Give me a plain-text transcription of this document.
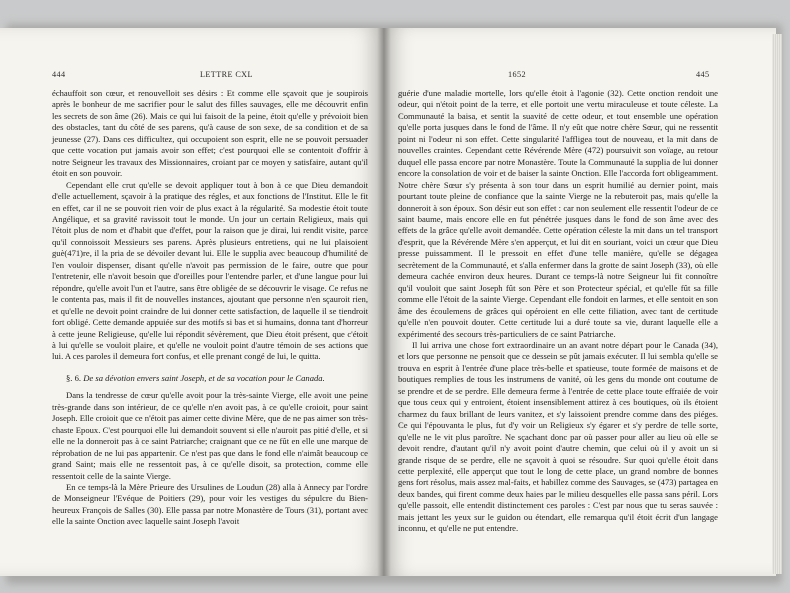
444	LETTRE CXL

échauffoit son cœur, et renouvelloit ses désirs : Et comme elle sçavoit que je soupirois après le bonheur de me sacrifier pour le salut des filles sauvages, elle me découvrit enfin les secrets de son âme (26). Mais ce qui lui faisoit de la peine, étoit qu'elle y prévoioit bien des obstacles, tant du côté de ses parens, qu'à cause de son sexe, de sa condition et de sa jeunesse (27). Dans ces difficultez, qui occupoient son esprit, elle ne se pouvoit persuader que cette vocation put jamais avoir son effet; c'est pourquoi elle se contentoit d'offrir à notre Seigneur les travaux des Missionnaires, croiant par ce moyen y satisfaire, autant qu'il étoit en son pouvoir.

Cependant elle crut qu'elle se devoit appliquer tout à bon à ce que Dieu demandoit d'elle actuellement, sçavoir à la pratique des régles, et aux fonctions de l'Institut. Elle le fit en effet, car il ne se pouvoit rien voir de plus exact à la régularité. Sa modestie étoit toute Angélique, et sa gravité ravissoit tout le monde. Un jour un certain Religieux, mais qui l'étoit plus de nom et d'habit que d'effet, pour la raison que je dirai, lui rendit visite, parce qu'il connoissoit Messieurs ses parens. Après plusieurs entretiens, qui ne lui plaisoient guè(471)re, il la pria de se dévoiler devant lui. Elle le supplia avec beaucoup d'humilité de l'en vouloir dispenser, disant qu'elle n'avoit pas permission de le faire, outre que pour l'entretenir, elle n'avoit besoin que d'oreilles pour l'entendre parler, et d'une langue pour lui répondre, qu'elle avoit l'un et l'autre, sans être obligée de se découvrir le visage. Ce refus ne le contenta pas, mais il fit de nouvelles instances, ajoutant que personne n'en sçauroit rien, et qu'elle ne devoit point craindre de lui donner cette satisfaction, de laquelle il se tiendroit fort obligé. Cette demande appuiée sur des motifs si bas et si humains, donna tant d'horreur à cette jeune Religieuse, qu'elle lui répondit sévèrement, que Dieu étoit présent, que c'étoit à lui qu'elle se vouloit plaire, et qu'elle ne vouloit point d'autre témoin de ses actions que lui. A ces paroles il demeura fort confus, et elle prenant congé de lui, le quitta.

§. 6. De sa dévotion envers saint Joseph, et de sa vocation pour le Canada.

Dans la tendresse de cœur qu'elle avoit pour la très-sainte Vierge, elle avoit une peine très-grande dans son intérieur, de ce qu'elle n'en avoit pas, à ce qu'elle croioit, pour saint Joseph. Elle croioit que ce n'étoit pas aimer cette divine Mère, que de ne pas aimer son très-chaste Epoux. C'est pourquoi elle lui demandoit souvent si elle n'auroit pas pitié d'elle, et si elle ne la donneroit pas à ce saint Patriarche; craignant que ce ne fût en elle une marque de réprobation de ne lui pas appartenir. Ce n'est pas que dans le fond elle n'aimât beaucoup ce grand Saint; mais elle ne ressentoit pas, à ce qu'elle disoit, sa protection, comme elle ressentoit celle de la sainte Vierge.

En ce temps-là la Mère Prieure des Ursulines de Loudun (28) alla à Annecy par l'ordre de Monseigneur l'Evéque de Poitiers (29), pour voir les vestiges du sépulcre du Bien-heureux François de Salles (30). Elle passa par notre Monastère de Tours (31), portant avec elle la sainte Onction avec laquelle saint Joseph l'avoit

1652	445

guérie d'une maladie mortelle, lors qu'elle étoit à l'agonie (32). Cette onction rendoit une odeur, qui n'étoit point de la terre, et elle portoit une vertu miraculeuse et toute céleste. La Communauté la baisa, et sentit la suavité de cette odeur, et tout ensemble une opération qu'elle porta jusques dans le fond de l'âme. Il n'y eût que notre chère Sœur, qui ne ressentit point ni l'odeur ni son effet. Cette singularité l'affligea tout de nouveau, et la mit dans de nouvelles craintes. Cependant cette Révérende Mère (472) poursuivit son voïage, au retour duquel elle passa encore par notre Monastère. Toute la Communauté la supplia de lui donner encore la consolation de voir et de baiser la sainte Onction. Elle l'accorda fort obligeamment. Notre chère Sœur s'y présenta à son tour dans un esprit humilié au dernier point, mais pourtant toute pleine de confiance que la sainte Vierge ne la rebuteroit pas, mais qu'elle la donneroit à son époux. Son désir eut son effet : car non seulement elle ressentit l'odeur de ce saint baume, mais encore elle en fut pénétrée jusques dans le fond de son âme avec des effets de la grâce qu'elle avoit demandée. Cette opération céleste la mit dans un tel transport d'esprit, que la Révérende Mère s'en apperçut, et lui dit en souriant, voici un cœur que Dieu presse puissamment. Il le pressoit en effet d'une telle manière, qu'elle se dégagea secrètement de la Communauté, et s'alla enfermer dans la grotte de saint Joseph (33), où elle demeura cachée environ deux heures. Durant ce temps-là notre Seigneur lui fit connoître qu'il vouloit que saint Joseph fût son Père et son Protecteur spécial, et qu'elle fût sa fille comme elle l'étoit de la sainte Vierge. Cependant elle fondoit en larmes, et elle sentoit en son âme des écoulemens de grâces qui opéroient en elle cette filiation, avec tant de certitude qu'elle n'en pouvoit douter. Cette certitude lui a duré toute sa vie, durant laquelle elle a expérimenté des secours très-particuliers de ce saint Patriarche.

Il lui arriva une chose fort extraordinaire un an avant notre départ pour le Canada (34), et lors que personne ne pensoit que ce dessein se pût jamais exécuter. Il lui sembla qu'elle se trouva en esprit à l'entrée d'une place très-belle et spatieuse, toute formée de maisons et de boutiques remplies de tous les instrumens de vanité, où les gens du monde ont coutume de se prendre et de se perdre. Elle demeura ferme à l'entrée de cette place toute effraiée de voir que tous ceux qui y entroient, étoient insensiblement attirez à ces boutiques, où ils étoient charmez du faux brillant de leurs vanitez, et s'y laissoient prendre comme dans des piéges. Ce qui l'épouvanta le plus, fut d'y voir un Religieux s'y égarer et s'y perdre de telle sorte, qu'elle ne le vit plus paroître. Ne sçachant donc par où passer pour aller au lieu où elle se devoit rendre, d'autant qu'il n'y avoit point d'autre chemin, que celui où il y avoit un si grande risque de se perdre, elle ne sçavoit à quoi se résoudre. Sur quoi qu'elle étoit dans cette perplexité, elle apperçut que tout le long de cette place, un grand nombre de bonnes gens fort résolus, mais assez mal-faits, et habillez comme des Sauvages, se (473) partagea en deux bandes, qui firent comme deux haies par le milieu desquelles elle passa sans péril. Lors qu'elle passoit, elle entendit distinctement ces paroles : C'est par nous que tu seras sauvée : mais jettant les yeux sur le guidon ou étendart, elle remarqua qu'il étoit écrit d'un langage inconnu, et qu'elle ne put entendre.
